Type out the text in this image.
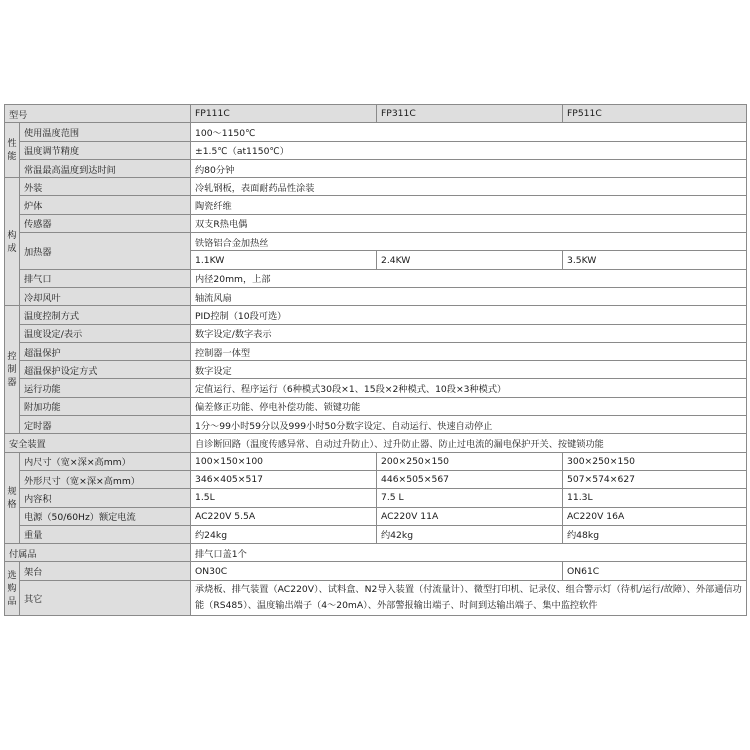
型号		FP111C	FP311C	FP511C
性能	使用温度范围	100～1150℃		
	温度调节精度	±1.5℃（at1150℃）		
	常温最高温度到达时间	约80分钟		
构成	外装	冷轧钢板，表面耐药品性涂装		
	炉体	陶瓷纤维		
	传感器	双支R热电偶		
	加热器	铁铬铝合金加热丝		
		1.1KW	2.4KW	3.5KW
	排气口	内径20mm，上部		
	冷却风叶	轴流风扇		
控制器	温度控制方式	PID控制（10段可选）		
	温度设定/表示	数字设定/数字表示		
	超温保护	控制器一体型		
	超温保护设定方式	数字设定		
	运行功能	定值运行、程序运行（6种模式30段×1、15段×2种模式、10段×3种模式）		
	附加功能	偏差修正功能、停电补偿功能、锁键功能		
	定时器	1分～99小时59分以及999小时50分数字设定、自动运行、快速自动停止		
安全装置		自诊断回路（温度传感异常、自动过升防止）、过升防止器、防止过电流的漏电保护开关、按键锁功能		
规格	内尺寸（宽×深×高mm）	100×150×100	200×250×150	300×250×150
	外形尺寸（宽×深×高mm）	346×405×517	446×505×567	507×574×627
	内容积	1.5L	7.5 L	11.3L
	电源（50/60Hz）额定电流	AC220V 5.5A	AC220V 11A	AC220V 16A
	重量	约24kg	约42kg	约48kg
付属品		排气口盖1个		
选购品	架台	ON30C		ON61C
	其它	承烧板、排气装置（AC220V）、试料盒、N2导入装置（付流量计）、微型打印机、记录仪、组合警示灯（待机/运行/故障）、外部通信功能（RS485）、温度输出端子（4～20mA）、外部警报输出端子、时间到达输出端子、集中监控软件		
